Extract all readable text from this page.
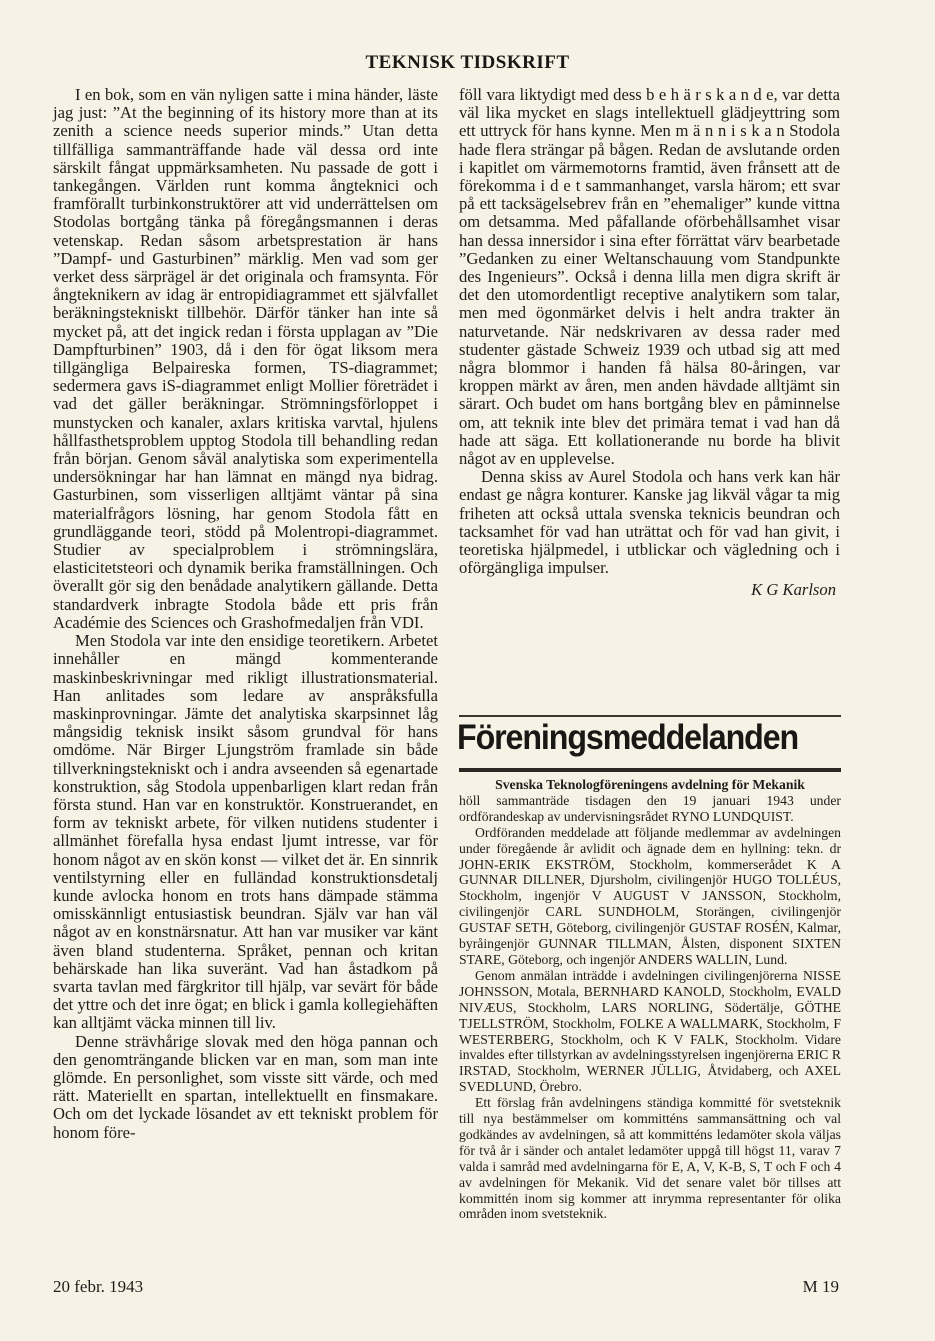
TEKNISK TIDSKRIFT

I en bok, som en vän nyligen satte i mina händer, läste jag just: ”At the beginning of its history more than at its zenith a science needs superior minds.” Utan detta tillfälliga sammanträffande hade väl dessa ord inte särskilt fångat uppmärksamheten. Nu passade de gott i tankegången. Världen runt komma ångteknici och framförallt turbinkonstruktörer att vid underrättelsen om Stodolas bortgång tänka på föregångsmannen i deras vetenskap. Redan såsom arbetsprestation är hans ”Dampf- und Gasturbinen” märklig. Men vad som ger verket dess särprägel är det originala och framsynta. För ångteknikern av idag är entropidiagrammet ett självfallet beräkningstekniskt tillbehör. Därför tänker han inte så mycket på, att det ingick redan i första upplagan av ”Die Dampfturbinen” 1903, då i den för ögat liksom mera tillgängliga Belpaireska formen, TS-diagrammet; sedermera gavs iS-diagrammet enligt Mollier företrädet i vad det gäller beräkningar. Strömningsförloppet i munstycken och kanaler, axlars kritiska varvtal, hjulens hållfasthetsproblem upptog Stodola till behandling redan från början. Genom såväl analytiska som experimentella undersökningar har han lämnat en mängd nya bidrag. Gasturbinen, som visserligen alltjämt väntar på sina materialfrågors lösning, har genom Stodola fått en grundläggande teori, stödd på Molentropi-diagrammet. Studier av specialproblem i strömningslära, elasticitetsteori och dynamik berika framställningen. Och överallt gör sig den benådade analytikern gällande. Detta standardverk inbragte Stodola både ett pris från Académie des Sciences och Grashofmedaljen från VDI.

Men Stodola var inte den ensidige teoretikern. Arbetet innehåller en mängd kommenterande maskinbeskrivningar med rikligt illustrationsmaterial. Han anlitades som ledare av anspråksfulla maskinprovningar. Jämte det analytiska skarpsinnet låg mångsidig teknisk insikt såsom grundval för hans omdöme. När Birger Ljungström framlade sin både tillverkningstekniskt och i andra avseenden så egenartade konstruktion, såg Stodola uppenbarligen klart redan från första stund. Han var en konstruktör. Konstruerandet, en form av tekniskt arbete, för vilken nutidens studenter i allmänhet förefalla hysa endast ljumt intresse, var för honom något av en skön konst — vilket det är. En sinnrik ventilstyrning eller en fulländad konstruktionsdetalj kunde avlocka honom en trots hans dämpade stämma omisskännligt entusiastisk beundran. Själv var han väl något av en konstnärsnatur. Att han var musiker var känt även bland studenterna. Språket, pennan och kritan behärskade han lika suveränt. Vad han åstadkom på svarta tavlan med färgkritor till hjälp, var sevärt för både det yttre och det inre ögat; en blick i gamla kollegiehäften kan alltjämt väcka minnen till liv.

Denne strävhårige slovak med den höga pannan och den genomträngande blicken var en man, som man inte glömde. En personlighet, som visste sitt värde, och med rätt. Materiellt en spartan, intellektuellt en finsmakare. Och om det lyckade lösandet av ett tekniskt problem för honom före-

föll vara liktydigt med dess b e h ä r s k a n d e, var detta väl lika mycket en slags intellektuell glädjeyttring som ett uttryck för hans kynne. Men m ä n n i s k a n Stodola hade flera strängar på bågen. Redan de avslutande orden i kapitlet om värmemotorns framtid, även frånsett att de förekomma i d e t sammanhanget, varsla härom; ett svar på ett tacksägelsebrev från en ”ehemaliger” kunde vittna om detsamma. Med påfallande oförbehållsamhet visar han dessa innersidor i sina efter förrättat värv bearbetade ”Gedanken zu einer Weltanschauung vom Standpunkte des Ingenieurs”. Också i denna lilla men digra skrift är det den utomordentligt receptive analytikern som talar, men med ögonmärket delvis i helt andra trakter än naturvetande. När nedskrivaren av dessa rader med studenter gästade Schweiz 1939 och utbad sig att med några blommor i handen få hälsa 80-åringen, var kroppen märkt av åren, men anden hävdade alltjämt sin särart. Och budet om hans bortgång blev en påminnelse om, att teknik inte blev det primära temat i vad han då hade att säga. Ett kollationerande nu borde ha blivit något av en upplevelse.

Denna skiss av Aurel Stodola och hans verk kan här endast ge några konturer. Kanske jag likväl vågar ta mig friheten att också uttala svenska teknicis beundran och tacksamhet för vad han uträttat och för vad han givit, i teoretiska hjälpmedel, i utblickar och vägledning och i oförgängliga impulser.

K G Karlson

Föreningsmeddelanden

Svenska Teknologföreningens avdelning för Mekanik

höll sammanträde tisdagen den 19 januari 1943 under ordförandeskap av undervisningsrådet RYNO LUNDQUIST.

Ordföranden meddelade att följande medlemmar av avdelningen under föregående år avlidit och ägnade dem en hyllning: tekn. dr JOHN-ERIK EKSTRÖM, Stockholm, kommerserådet K A GUNNAR DILLNER, Djursholm, civilingenjör HUGO TOLLÉUS, Stockholm, ingenjör V AUGUST V JANSSON, Stockholm, civilingenjör CARL SUNDHOLM, Storängen, civilingenjör GUSTAF SETH, Göteborg, civilingenjör GUSTAF ROSÉN, Kalmar, byråingenjör GUNNAR TILLMAN, Ålsten, disponent SIXTEN STARE, Göteborg, och ingenjör ANDERS WALLIN, Lund.

Genom anmälan inträdde i avdelningen civilingenjörerna NISSE JOHNSSON, Motala, BERNHARD KANOLD, Stockholm, EVALD NIVÆUS, Stockholm, LARS NORLING, Södertälje, GÖTHE TJELLSTRÖM, Stockholm, FOLKE A WALLMARK, Stockholm, F WESTERBERG, Stockholm, och K V FALK, Stockholm. Vidare invaldes efter tillstyrkan av avdelningsstyrelsen ingenjörerna ERIC R IRSTAD, Stockholm, WERNER JÜLLIG, Åtvidaberg, och AXEL SVEDLUND, Örebro.

Ett förslag från avdelningens ständiga kommitté för svetsteknik till nya bestämmelser om kommitténs sammansättning och val godkändes av avdelningen, så att kommitténs ledamöter skola väljas för två år i sänder och antalet ledamöter uppgå till högst 11, varav 7 valda i samråd med avdelningarna för E, A, V, K-B, S, T och F och 4 av avdelningen för Mekanik. Vid det senare valet bör tillses att kommittén inom sig kommer att inrymma representanter för olika områden inom svetsteknik.

20 febr. 1943	M 19
